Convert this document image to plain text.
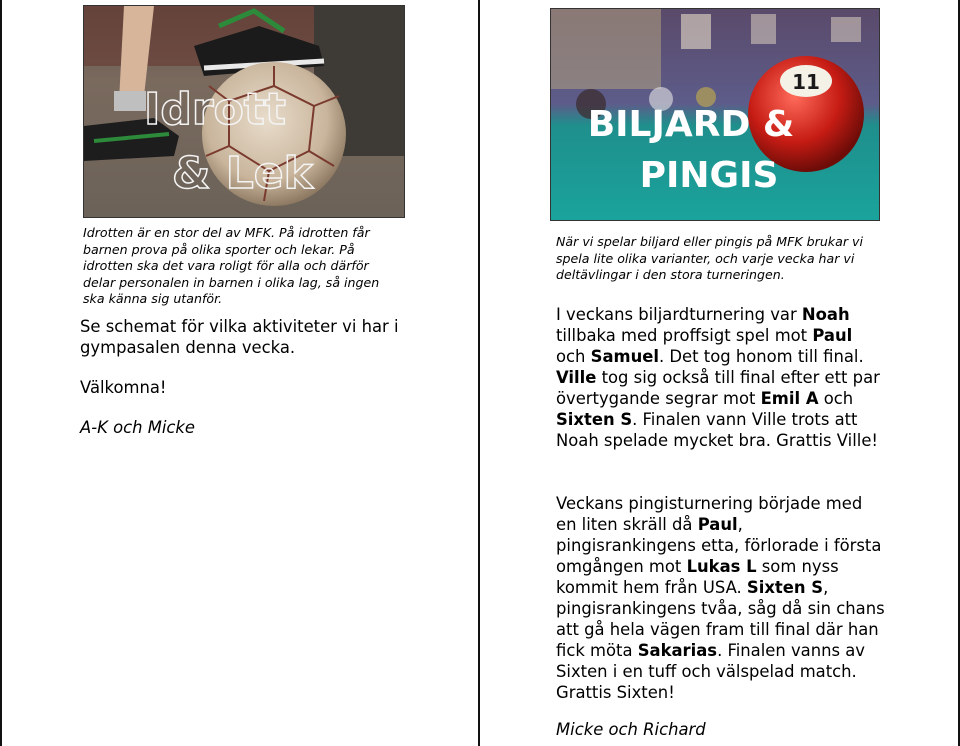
Idrott
& Lek
Idrotten är en stor del av MFK. På idrotten får barnen prova på olika sporter och lekar. På idrotten ska det vara roligt för alla och därför delar personalen in barnen i olika lag, så ingen ska känna sig utanför.
Se schemat för vilka aktiviteter vi har i gympasalen denna vecka.
Välkomna!
A-K och Micke
11
BILJARD &
PINGIS
När vi spelar biljard eller pingis på MFK brukar vi spela lite olika varianter, och varje vecka har vi deltävlingar i den stora turneringen.
I veckans biljardturnering var Noah tillbaka med proffsigt spel mot Paul och Samuel. Det tog honom till final. Ville tog sig också till final efter ett par övertygande segrar mot Emil A och Sixten S. Finalen vann Ville trots att Noah spelade mycket bra. Grattis Ville!
Veckans pingisturnering började med en liten skräll då Paul, pingisrankingens etta, förlorade i första omgången mot Lukas L som nyss kommit hem från USA. Sixten S, pingisrankingens tvåa, såg då sin chans att gå hela vägen fram till final där han fick möta Sakarias. Finalen vanns av Sixten i en tuff och välspelad match. Grattis Sixten!
Micke och Richard
